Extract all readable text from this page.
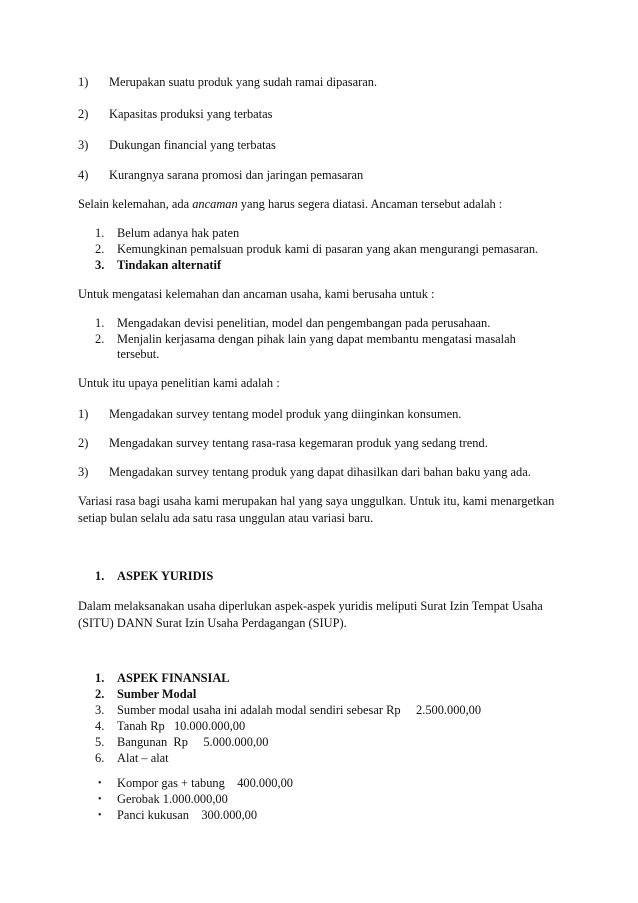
1) Merupakan suatu produk yang sudah ramai dipasaran.
2) Kapasitas produksi yang terbatas
3) Dukungan financial yang terbatas
4) Kurangnya sarana promosi dan jaringan pemasaran
Selain kelemahan, ada ancaman yang harus segera diatasi. Ancaman tersebut adalah :
1. Belum adanya hak paten
2. Kemungkinan pemalsuan produk kami di pasaran yang akan mengurangi pemasaran.
3. Tindakan alternatif
Untuk mengatasi kelemahan dan ancaman usaha, kami berusaha untuk :
1. Mengadakan devisi penelitian, model dan pengembangan pada perusahaan.
2. Menjalin kerjasama dengan pihak lain yang dapat membantu mengatasi masalah tersebut.
Untuk itu upaya penelitian kami adalah :
1) Mengadakan survey tentang model produk yang diinginkan konsumen.
2) Mengadakan survey tentang rasa-rasa kegemaran produk yang sedang trend.
3) Mengadakan survey tentang produk yang dapat dihasilkan dari bahan baku yang ada.
Variasi rasa bagi usaha kami merupakan hal yang saya unggulkan. Untuk itu, kami menargetkan setiap bulan selalu ada satu rasa unggulan atau variasi baru.
1. ASPEK YURIDIS
Dalam melaksanakan usaha diperlukan aspek-aspek yuridis meliputi Surat Izin Tempat Usaha (SITU) DANN Surat Izin Usaha Perdagangan (SIUP).
1. ASPEK FINANSIAL
2. Sumber Modal
3. Sumber modal usaha ini adalah modal sendiri sebesar Rp     2.500.000,00
4. Tanah Rp   10.000.000,00
5. Bangunan  Rp     5.000.000,00
6. Alat – alat
• Kompor gas + tabung    400.000,00
• Gerobak 1.000.000,00
• Panci kukusan    300.000,00
